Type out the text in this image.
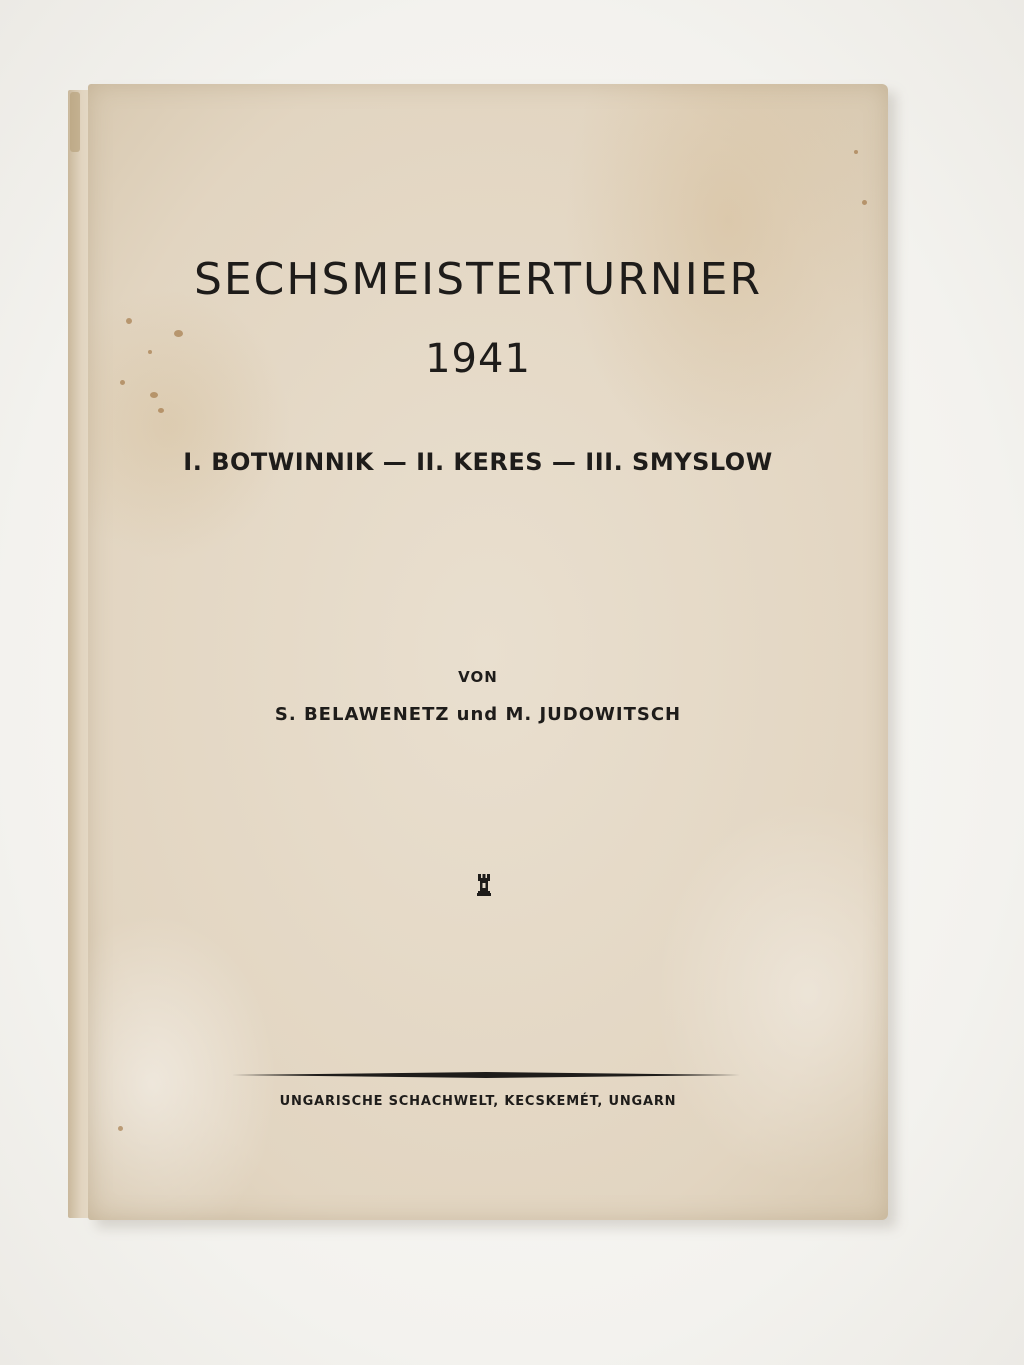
SECHSMEISTERTURNIER
1941
I. BOTWINNIK — II. KERES — III. SMYSLOW
VON
S. BELAWENETZ und M. JUDOWITSCH
UNGARISCHE SCHACHWELT, KECSKEMÉT, UNGARN
